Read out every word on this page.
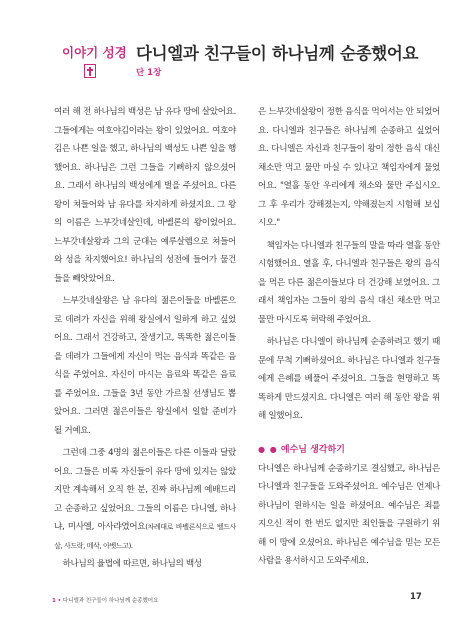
이야기 성경 다니엘과 친구들이 하나님께 순종했어요
단 1장

여러 해 전 하나님의 백성은 남 유다 땅에 살았어요. 그들에게는 여호야김이라는 왕이 있었어요. 여호야김은 나쁜 일을 했고, 하나님의 백성도 나쁜 일을 행했어요. 하나님은 그런 그들을 기뻐하지 않으셨어요. 그래서 하나님의 백성에게 벌을 주셨어요. 다른 왕이 쳐들어와 남 유다를 차지하게 하셨지요. 그 왕의 이름은 느부갓네살인데, 바벨론의 왕이었어요. 느부갓네살왕과 그의 군대는 예루살렘으로 쳐들어와 성을 차지했어요! 하나님의 성전에 들어가 물건들을 빼앗았어요.

느부갓네살왕은 남 유다의 젊은이들을 바벨론으로 데려가 자신을 위해 왕실에서 일하게 하고 싶었어요. 그래서 건강하고, 잘생기고, 똑똑한 젊은이들을 데려가 그들에게 자신이 먹는 음식과 똑같은 음식을 주었어요. 자신이 마시는 음료와 똑같은 음료를 주었어요. 그들을 3년 동안 가르칠 선생님도 뽑았어요. 그러면 젊은이들은 왕실에서 일할 준비가 될 거예요.

그런데 그중 4명의 젊은이들은 다른 이들과 달랐어요. 그들은 비록 자신들이 유다 땅에 있지는 않았지만 계속해서 오직 한 분, 진짜 하나님께 예배드리고 순종하고 싶었어요. 그들의 이름은 다니엘, 하나냐, 미사엘, 아사랴였어요(차례대로 바벨론식으로 벨드사살, 사드락, 메삭, 아벳느고).

하나님의 율법에 따르면, 하나님의 백성

은 느부갓네살왕이 정한 음식을 먹어서는 안 되었어요. 다니엘과 친구들은 하나님께 순종하고 싶었어요. 다니엘은 자신과 친구들이 왕이 정한 음식 대신 채소만 먹고 물만 마실 수 있나고 책임자에게 물었어요. "열흘 동안 우리에게 채소와 물만 주십시오. 그 후 우리가 강해졌는지, 약해졌는지 시험해 보십시오."

책임자는 다니엘과 친구들의 말을 따라 열흘 동안 시험했어요. 열흘 후, 다니엘과 친구들은 왕의 음식을 먹은 다른 젊은이들보다 더 건강해 보였어요. 그래서 책임자는 그들이 왕의 음식 대신 채소만 먹고 물만 마시도록 허락해 주었어요.

하나님은 다니엘이 하나님께 순종하려고 했기 때문에 무척 기뻐하셨어요. 하나님은 다니엘과 친구들에게 은혜를 베풀어 주셨어요. 그들을 현명하고 똑똑하게 만드셨지요. 다니엘은 여러 해 동안 왕을 위해 일했어요.

● ● 예수님 생각하기

다니엘은 하나님께 순종하기로 결심했고, 하나님은 다니엘과 친구들을 도와주셨어요. 예수님은 언제나 하나님이 원하시는 일을 하셨어요. 예수님은 죄를 지으신 적이 한 번도 없지만 죄인들을 구원하기 위해 이 땅에 오셨어요. 하나님은 예수님을 믿는 모든 사람을 용서하시고 도와주세요.

1 • 다니엘과 친구들이 하나님께 순종했어요	17
